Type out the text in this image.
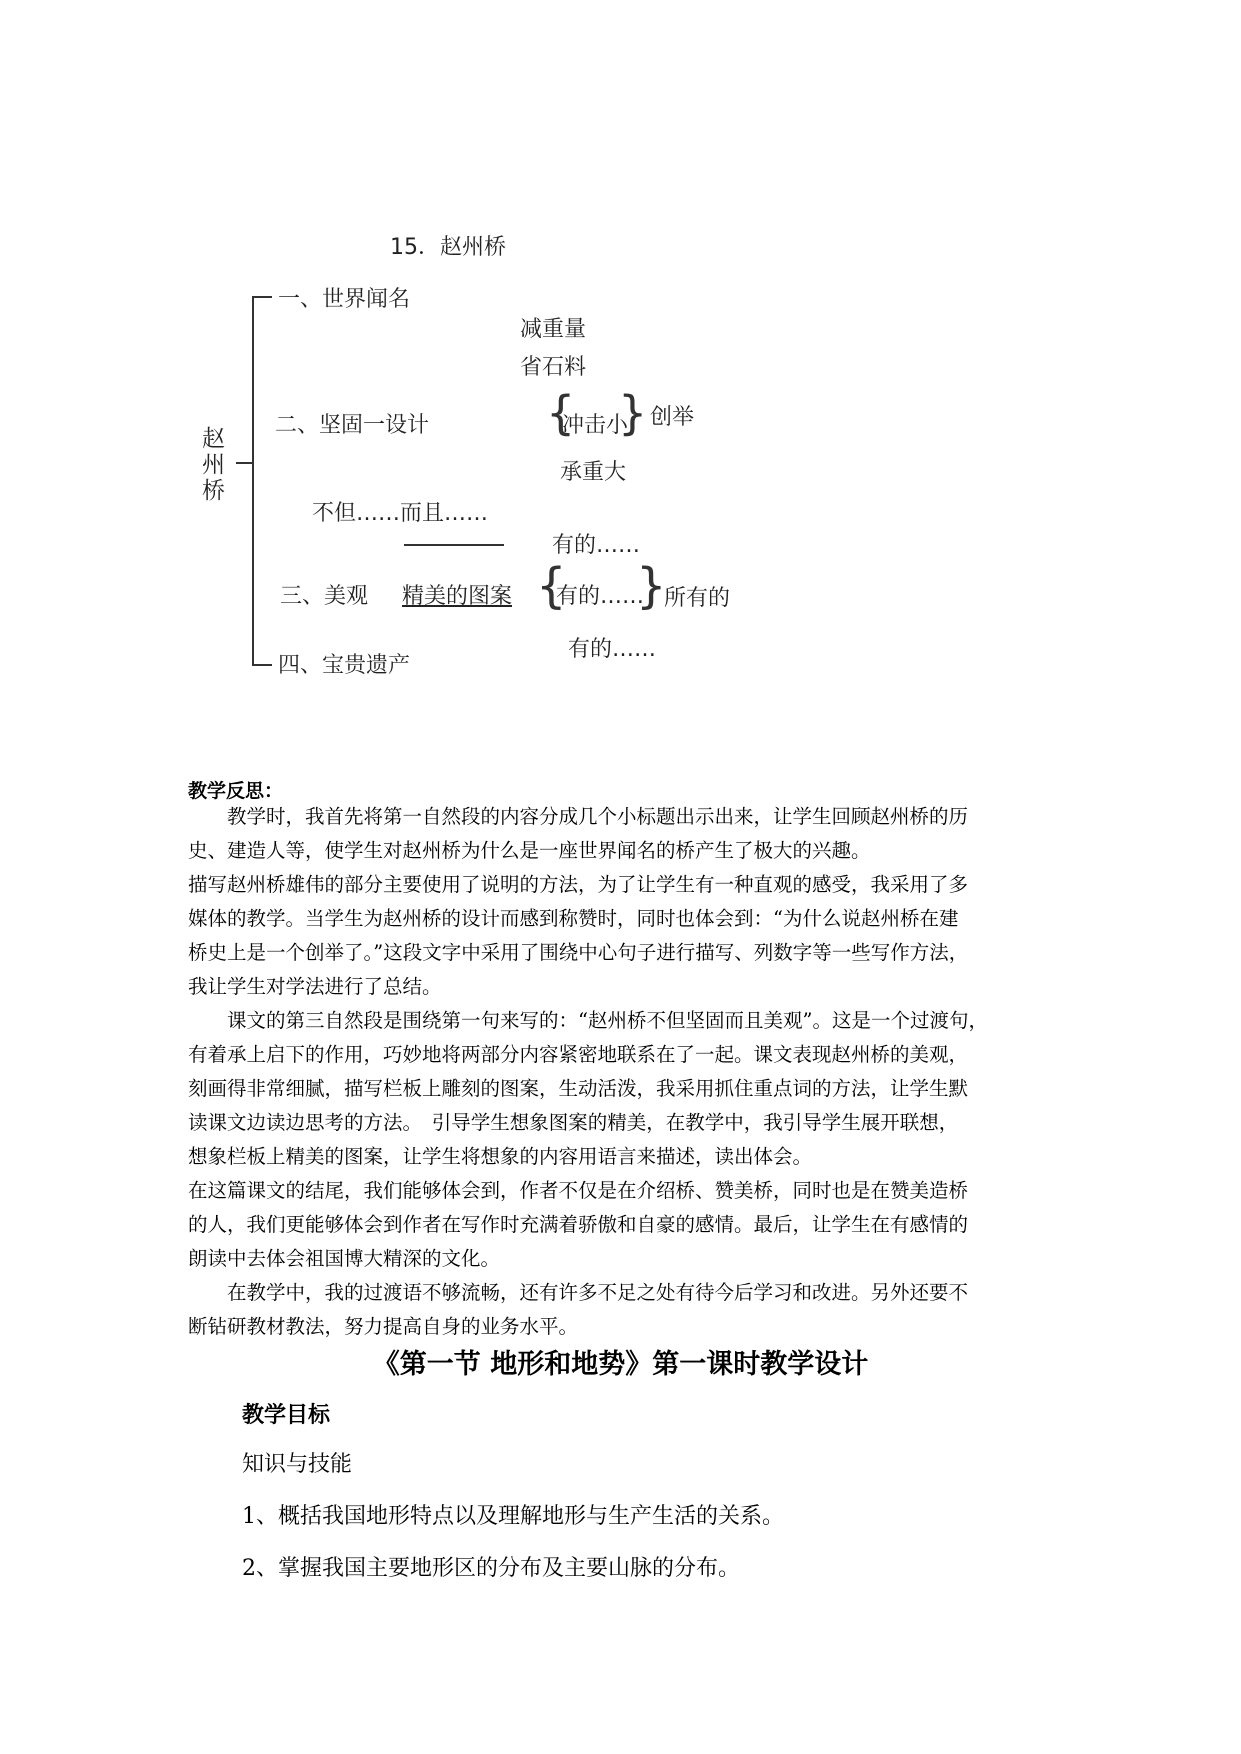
15．赵州桥
赵州桥
一、世界闻名
二、坚固一设计
三、美观
四、宝贵遗产
减重量
省石料
{
冲击小
} 创举
承重大
不但……而且……
有的……
精美的图案 {
有的……
}
所有的
有的……
教学反思：
　　教学时，我首先将第一自然段的内容分成几个小标题出示出来，让学生回顾赵州桥的历
史、建造人等，使学生对赵州桥为什么是一座世界闻名的桥产生了极大的兴趣。
描写赵州桥雄伟的部分主要使用了说明的方法，为了让学生有一种直观的感受，我采用了多
媒体的教学。当学生为赵州桥的设计而感到称赞时，同时也体会到：“为什么说赵州桥在建
桥史上是一个创举了。”这段文字中采用了围绕中心句子进行描写、列数字等一些写作方法，
我让学生对学法进行了总结。
　　课文的第三自然段是围绕第一句来写的：“赵州桥不但坚固而且美观”。这是一个过渡句，
有着承上启下的作用，巧妙地将两部分内容紧密地联系在了一起。课文表现赵州桥的美观，
刻画得非常细腻，描写栏板上雕刻的图案，生动活泼，我采用抓住重点词的方法，让学生默
读课文边读边思考的方法。　引导学生想象图案的精美，在教学中，我引导学生展开联想，
想象栏板上精美的图案，让学生将想象的内容用语言来描述，读出体会。
在这篇课文的结尾，我们能够体会到，作者不仅是在介绍桥、赞美桥，同时也是在赞美造桥
的人，我们更能够体会到作者在写作时充满着骄傲和自豪的感情。最后，让学生在有感情的
朗读中去体会祖国博大精深的文化。
　　在教学中，我的过渡语不够流畅，还有许多不足之处有待今后学习和改进。另外还要不
断钻研教材教法，努力提高自身的业务水平。
《第一节 地形和地势》第一课时教学设计
教学目标
知识与技能
1、概括我国地形特点以及理解地形与生产生活的关系。
2、掌握我国主要地形区的分布及主要山脉的分布。
